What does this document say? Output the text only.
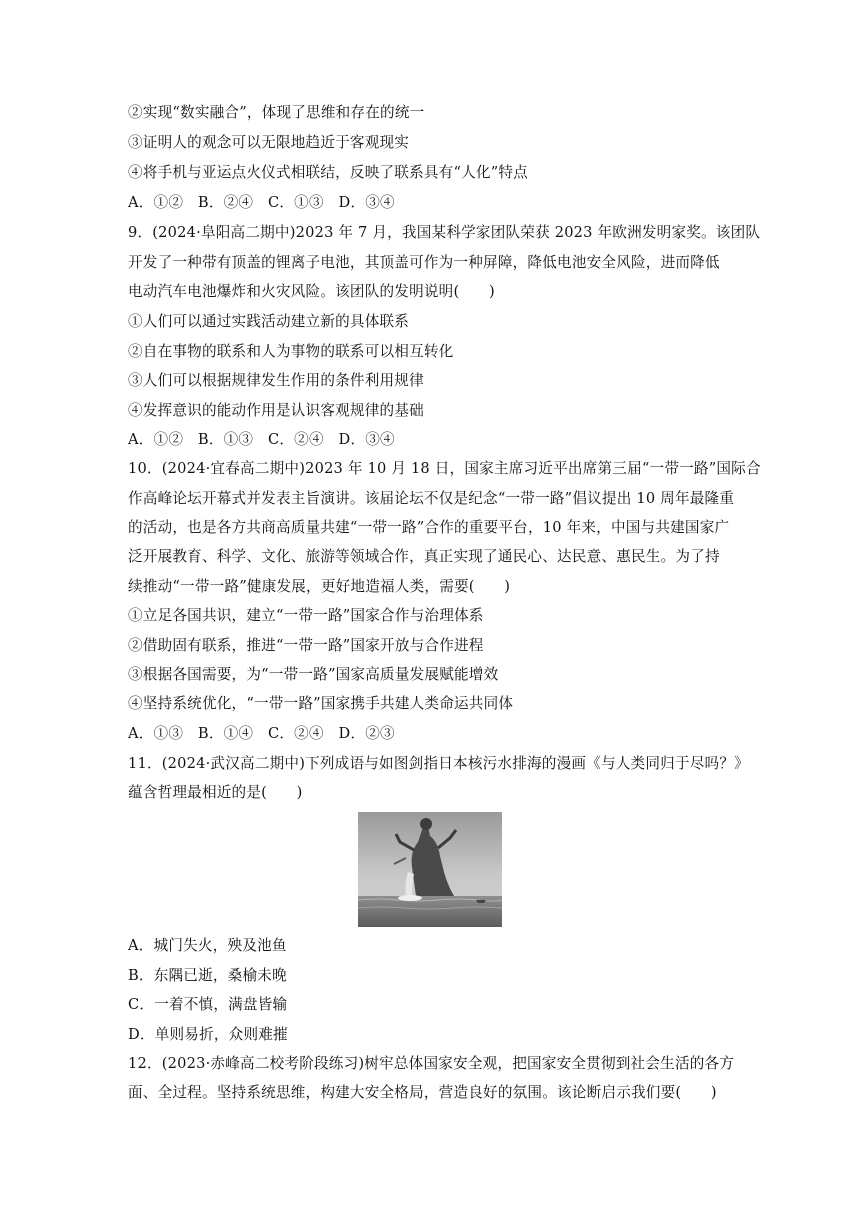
②实现“数实融合”，体现了思维和存在的统一
③证明人的观念可以无限地趋近于客观现实
④将手机与亚运点火仪式相联结，反映了联系具有“人化”特点
A．①②　B．②④　C．①③　D．③④
9．(2024·阜阳高二期中)2023 年 7 月，我国某科学家团队荣获 2023 年欧洲发明家奖。该团队
开发了一种带有顶盖的锂离子电池，其顶盖可作为一种屏障，降低电池安全风险，进而降低
电动汽车电池爆炸和火灾风险。该团队的发明说明(　　)
①人们可以通过实践活动建立新的具体联系
②自在事物的联系和人为事物的联系可以相互转化
③人们可以根据规律发生作用的条件利用规律
④发挥意识的能动作用是认识客观规律的基础
A．①②　B．①③　C．②④　D．③④
10．(2024·宜春高二期中)2023 年 10 月 18 日，国家主席习近平出席第三届“一带一路”国际合
作高峰论坛开幕式并发表主旨演讲。该届论坛不仅是纪念“一带一路”倡议提出 10 周年最隆重
的活动，也是各方共商高质量共建“一带一路”合作的重要平台，10 年来，中国与共建国家广
泛开展教育、科学、文化、旅游等领域合作，真正实现了通民心、达民意、惠民生。为了持
续推动“一带一路”健康发展，更好地造福人类，需要(　　)
①立足各国共识，建立“一带一路”国家合作与治理体系
②借助固有联系，推进“一带一路”国家开放与合作进程
③根据各国需要，为“一带一路”国家高质量发展赋能增效
④坚持系统优化，“一带一路”国家携手共建人类命运共同体
A．①③　B．①④　C．②④　D．②③
11．(2024·武汉高二期中)下列成语与如图剑指日本核污水排海的漫画《与人类同归于尽吗？》
蕴含哲理最相近的是(　　)
A．城门失火，殃及池鱼
B．东隅已逝，桑榆未晚
C．一着不慎，满盘皆输
D．单则易折，众则难摧
12．(2023·赤峰高二校考阶段练习)树牢总体国家安全观，把国家安全贯彻到社会生活的各方
面、全过程。坚持系统思维，构建大安全格局，营造良好的氛围。该论断启示我们要(　　)
